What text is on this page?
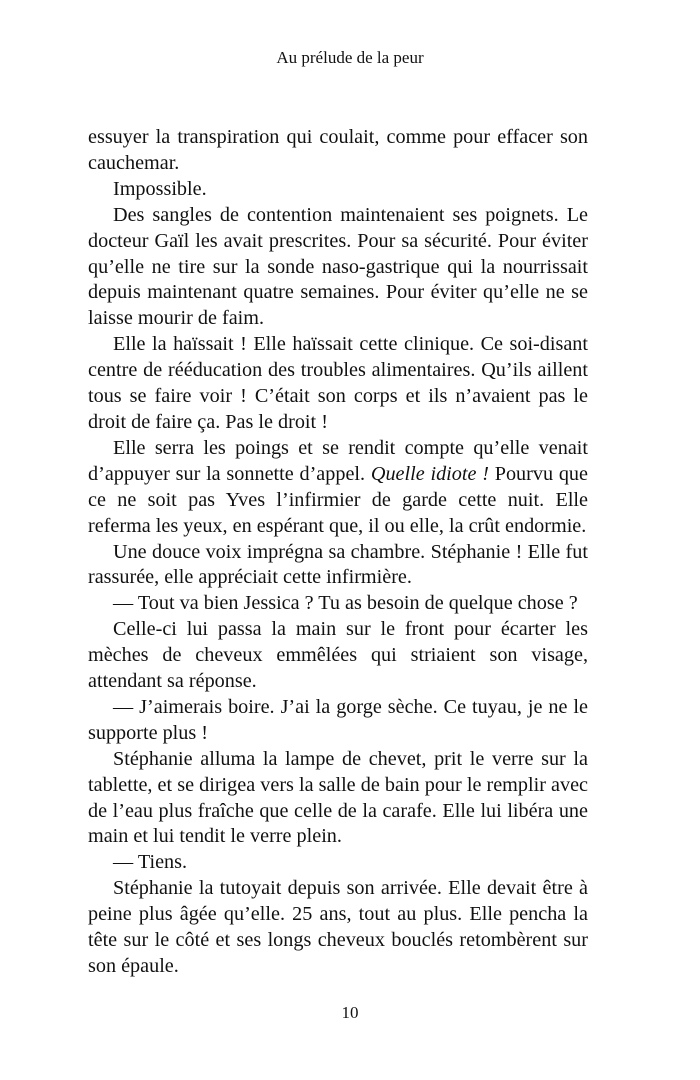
Au prélude de la peur

essuyer la transpiration qui coulait, comme pour effacer son cauchemar.

Impossible.

Des sangles de contention maintenaient ses poignets. Le docteur Gaïl les avait prescrites. Pour sa sécurité. Pour éviter qu’elle ne tire sur la sonde naso-gastrique qui la nourrissait depuis maintenant quatre semaines. Pour éviter qu’elle ne se laisse mourir de faim.

Elle la haïssait ! Elle haïssait cette clinique. Ce soi-disant centre de rééducation des troubles alimentaires. Qu’ils aillent tous se faire voir ! C’était son corps et ils n’avaient pas le droit de faire ça. Pas le droit !

Elle serra les poings et se rendit compte qu’elle venait d’appuyer sur la sonnette d’appel. Quelle idiote ! Pourvu que ce ne soit pas Yves l’infirmier de garde cette nuit. Elle referma les yeux, en espérant que, il ou elle, la crût endormie.

Une douce voix imprégna sa chambre. Stéphanie ! Elle fut rassurée, elle appréciait cette infirmière.

— Tout va bien Jessica ? Tu as besoin de quelque chose ?

Celle-ci lui passa la main sur le front pour écarter les mèches de cheveux emmêlées qui striaient son visage, attendant sa réponse.

— J’aimerais boire. J’ai la gorge sèche. Ce tuyau, je ne le supporte plus !

Stéphanie alluma la lampe de chevet, prit le verre sur la tablette, et se dirigea vers la salle de bain pour le remplir avec de l’eau plus fraîche que celle de la carafe. Elle lui libéra une main et lui tendit le verre plein.

— Tiens.

Stéphanie la tutoyait depuis son arrivée. Elle devait être à peine plus âgée qu’elle. 25 ans, tout au plus. Elle pencha la tête sur le côté et ses longs cheveux bouclés retombèrent sur son épaule.

10
